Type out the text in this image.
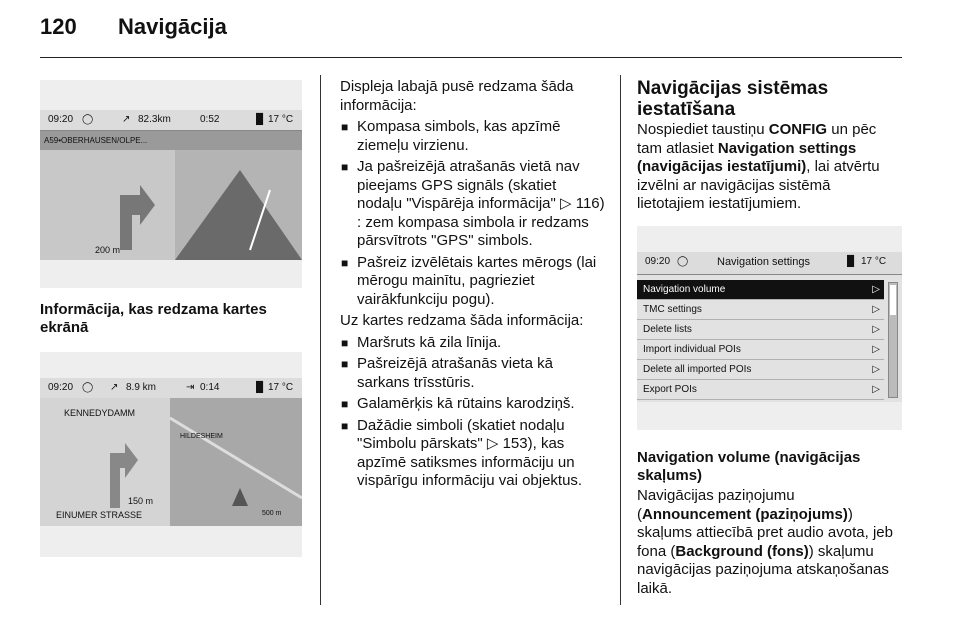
120 Navigācija
09:20 ◯	↗ 82.3km	0:52	█ 17 °C
A59•OBERHAUSEN/OLPE...
200 m
Informācija, kas redzama kartes ekrānā
09:20 ◯ ↗ 8.9 km	⇥ 0:14	█ 17 °C
KENNEDYDAMM
HILDESHEIM
150 m
EINUMER STRASSE	500 m

Displeja labajā pusē redzama šāda informācija:

■ Kompasa simbols, kas apzīmē ziemeļu virzienu.
■ Ja pašreizējā atrašanās vietā nav pieejams GPS signāls (skatiet nodaļu "Vispārēja informācija" ▷ 116) : zem kompasa simbola ir redzams pārsvītrots "GPS" simbols.
■ Pašreiz izvēlētais kartes mērogs (lai mērogu mainītu, pagrieziet vairākfunkciju pogu).

Uz kartes redzama šāda informācija:

■ Maršruts kā zila līnija.
■ Pašreizējā atrašanās vieta kā sarkans trīsstūris.
■ Galamērķis kā rūtains karodziņš.
■ Dažādie simboli (skatiet nodaļu "Simbolu pārskats" ▷ 153), kas apzīmē satiksmes informāciju un vispārīgu informāciju vai objektus.
Navigācijas sistēmas iestatīšana
Nospiediet taustiņu CONFIG un pēc tam atlasiet Navigation settings (navigācijas iestatījumi), lai atvērtu izvēlni ar navigācijas sistēmā lietotajiem iestatījumiem.
09:20 ◯	Navigation settings	█ 17 °C
Navigation volume	▷
TMC settings	▷
Delete lists	▷
Import individual POIs	▷
Delete all imported POIs	▷
Export POIs	▷
Navigation volume (navigācijas skaļums)
Navigācijas paziņojumu (Announcement (paziņojums)) skaļums attiecībā pret audio avota, jeb fona (Background (fons)) skaļumu navigācijas paziņojuma atskaņošanas laikā.
